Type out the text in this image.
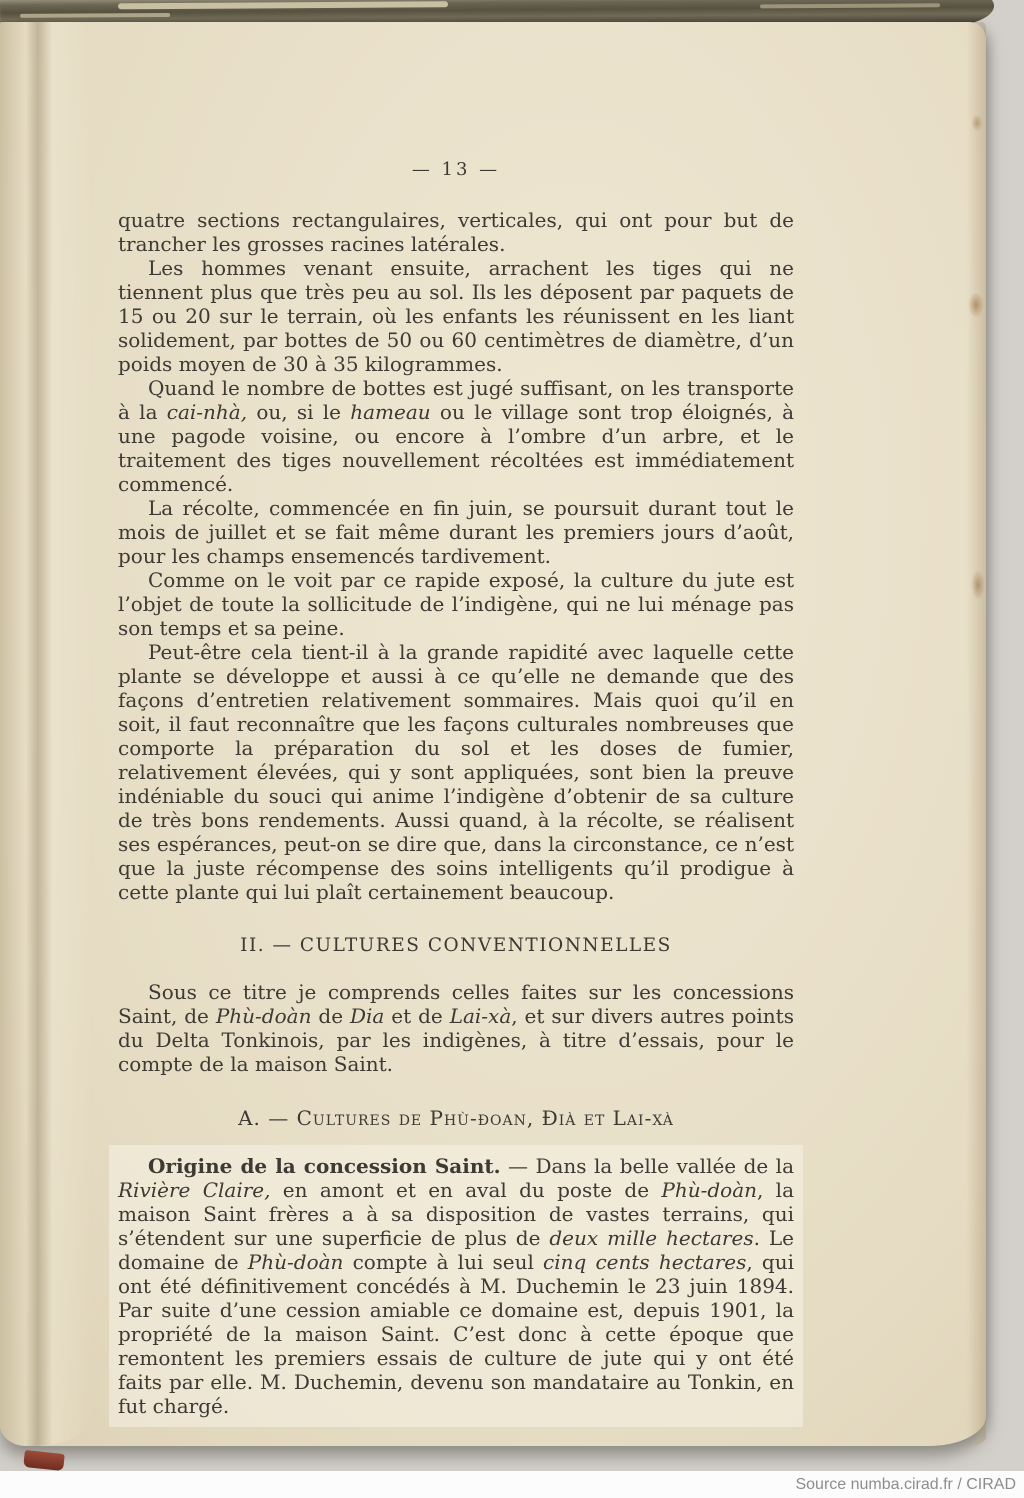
— 13 —

quatre sections rectangulaires, verticales, qui ont pour but de trancher les grosses racines latérales.

Les hommes venant ensuite, arrachent les tiges qui ne tiennent plus que très peu au sol. Ils les déposent par paquets de 15 ou 20 sur le terrain, où les enfants les réunissent en les liant solidement, par bottes de 50 ou 60 centimètres de diamètre, d’un poids moyen de 30 à 35 kilogrammes.

Quand le nombre de bottes est jugé suffisant, on les transporte à la cai-nhà, ou, si le hameau ou le village sont trop éloignés, à une pagode voisine, ou encore à l’ombre d’un arbre, et le traitement des tiges nouvellement récoltées est immédiatement commencé.

La récolte, commencée en fin juin, se poursuit durant tout le mois de juillet et se fait même durant les premiers jours d’août, pour les champs ensemencés tardivement.

Comme on le voit par ce rapide exposé, la culture du jute est l’objet de toute la sollicitude de l’indigène, qui ne lui ménage pas son temps et sa peine.

Peut-être cela tient-il à la grande rapidité avec laquelle cette plante se développe et aussi à ce qu’elle ne demande que des façons d’entretien relativement sommaires. Mais quoi qu’il en soit, il faut reconnaître que les façons culturales nombreuses que comporte la préparation du sol et les doses de fumier, relativement élevées, qui y sont appliquées, sont bien la preuve indéniable du souci qui anime l’indigène d’obtenir de sa culture de très bons rendements. Aussi quand, à la récolte, se réalisent ses espérances, peut-on se dire que, dans la circonstance, ce n’est que la juste récompense des soins intelligents qu’il prodigue à cette plante qui lui plaît certainement beaucoup.

II. — CULTURES CONVENTIONNELLES

Sous ce titre je comprends celles faites sur les concessions Saint, de Phù-doàn de Dia et de Lai-xà, et sur divers autres points du Delta Tonkinois, par les indigènes, à titre d’essais, pour le compte de la maison Saint.

A. — Cultures de Phù-đoan, Đià et Lai-xà

Origine de la concession Saint. — Dans la belle vallée de la Rivière Claire, en amont et en aval du poste de Phù-doàn, la maison Saint frères a à sa disposition de vastes terrains, qui s’étendent sur une superficie de plus de deux mille hectares. Le domaine de Phù-doàn compte à lui seul cinq cents hectares, qui ont été définitivement concédés à M. Duchemin le 23 juin 1894. Par suite d’une cession amiable ce domaine est, depuis 1901, la propriété de la maison Saint. C’est donc à cette époque que remontent les premiers essais de culture de jute qui y ont été faits par elle. M. Duchemin, devenu son mandataire au Tonkin, en fut chargé.

Source numba.cirad.fr / CIRAD
